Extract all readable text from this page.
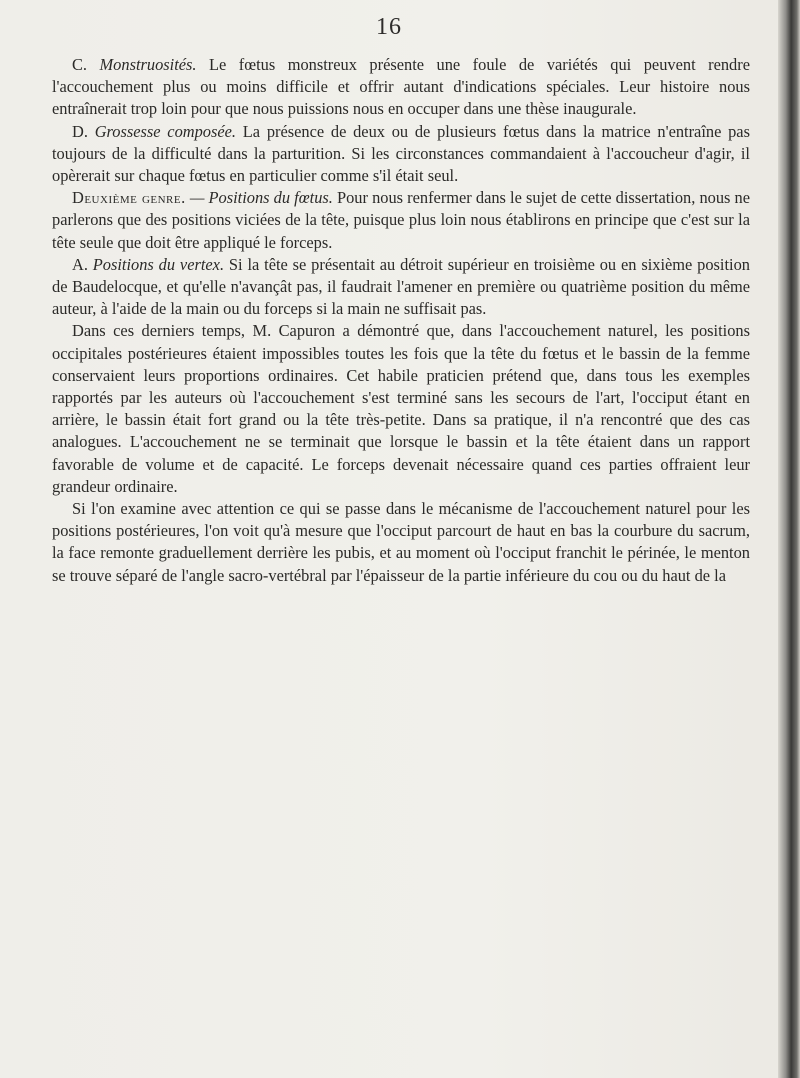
16

C. Monstruosités. Le fœtus monstreux présente une foule de variétés qui peuvent rendre l'accouchement plus ou moins difficile et offrir autant d'indications spéciales. Leur histoire nous entraînerait trop loin pour que nous puissions nous en occuper dans une thèse inaugurale.

D. Grossesse composée. La présence de deux ou de plusieurs fœtus dans la matrice n'entraîne pas toujours de la difficulté dans la parturition. Si les circonstances commandaient à l'accoucheur d'agir, il opèrerait sur chaque fœtus en particulier comme s'il était seul.

Deuxième genre. — Positions du fœtus. Pour nous renfermer dans le sujet de cette dissertation, nous ne parlerons que des positions viciées de la tête, puisque plus loin nous établirons en principe que c'est sur la tête seule que doit être appliqué le forceps.

A. Positions du vertex. Si la tête se présentait au détroit supérieur en troisième ou en sixième position de Baudelocque, et qu'elle n'avançât pas, il faudrait l'amener en première ou quatrième position du même auteur, à l'aide de la main ou du forceps si la main ne suffisait pas.

Dans ces derniers temps, M. Capuron a démontré que, dans l'accouchement naturel, les positions occipitales postérieures étaient impossibles toutes les fois que la tête du fœtus et le bassin de la femme conservaient leurs proportions ordinaires. Cet habile praticien prétend que, dans tous les exemples rapportés par les auteurs où l'accouchement s'est terminé sans les secours de l'art, l'occiput étant en arrière, le bassin était fort grand ou la tête très-petite. Dans sa pratique, il n'a rencontré que des cas analogues. L'accouchement ne se terminait que lorsque le bassin et la tête étaient dans un rapport favorable de volume et de capacité. Le forceps devenait nécessaire quand ces parties offraient leur grandeur ordinaire.

Si l'on examine avec attention ce qui se passe dans le mécanisme de l'accouchement naturel pour les positions postérieures, l'on voit qu'à mesure que l'occiput parcourt de haut en bas la courbure du sacrum, la face remonte graduellement derrière les pubis, et au moment où l'occiput franchit le périnée, le menton se trouve séparé de l'angle sacro-vertébral par l'épaisseur de la partie inférieure du cou ou du haut de la
